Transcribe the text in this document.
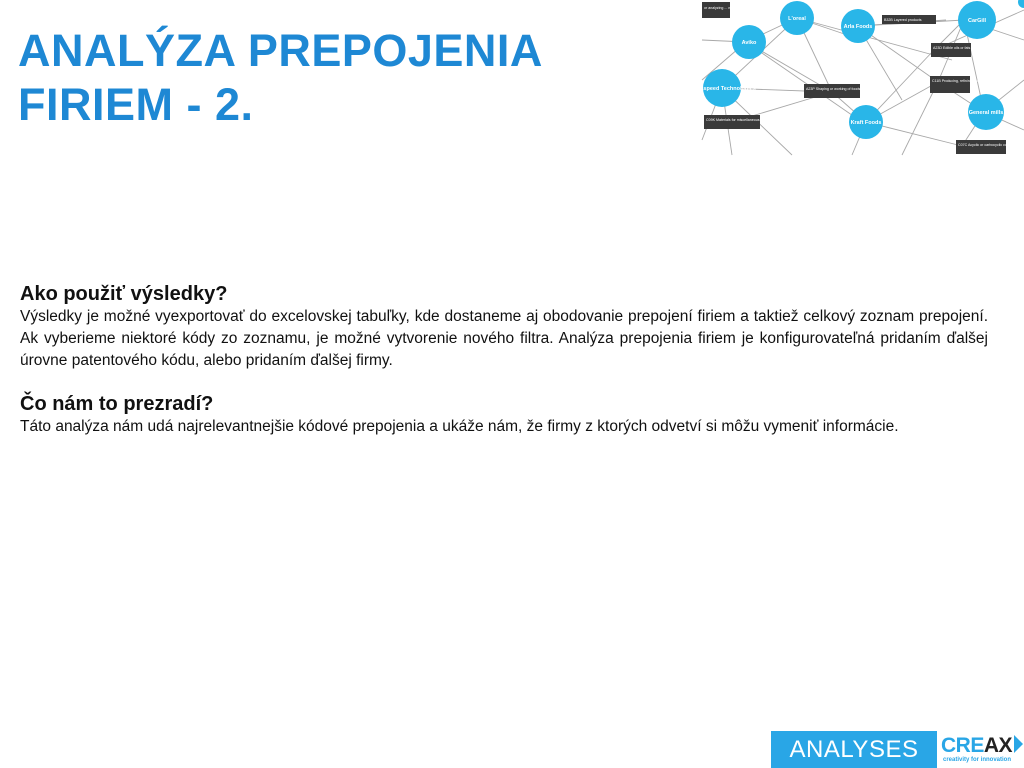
ANALÝZA PREPOJENIA
FIRIEM - 2.
or analyzing ... mixing ...
B32B Layered products
A23D Edible oils or fats
C11B Producing, refining and preserving fats
A23P Shaping or working of foodstuffs, not fully ...
C09K Materials for miscellaneous applications
C07C Acyclic or carbocyclic compounds
L'oreal
Arla Foods
CarGill
Aviko
Chemspeed Technologies
Kraft Foods
General mills
Ako použiť výsledky?

Výsledky je možné vyexportovať do excelovskej tabuľky, kde dostaneme aj obodovanie prepojení firiem a taktiež celkový zoznam prepojení. Ak vyberieme niektoré kódy zo zoznamu, je možné vytvorenie nového filtra. Analýza prepojenia firiem je konfigurovateľná pridaním ďalšej úrovne patentového kódu, alebo pridaním ďalšej firmy.

Čo nám to prezradí?

Táto analýza nám udá najrelevantnejšie kódové prepojenia a ukáže nám, že firmy z ktorých odvetví si môžu vymeniť informácie.

ANALYSES	CREAX
creativity for innovation
